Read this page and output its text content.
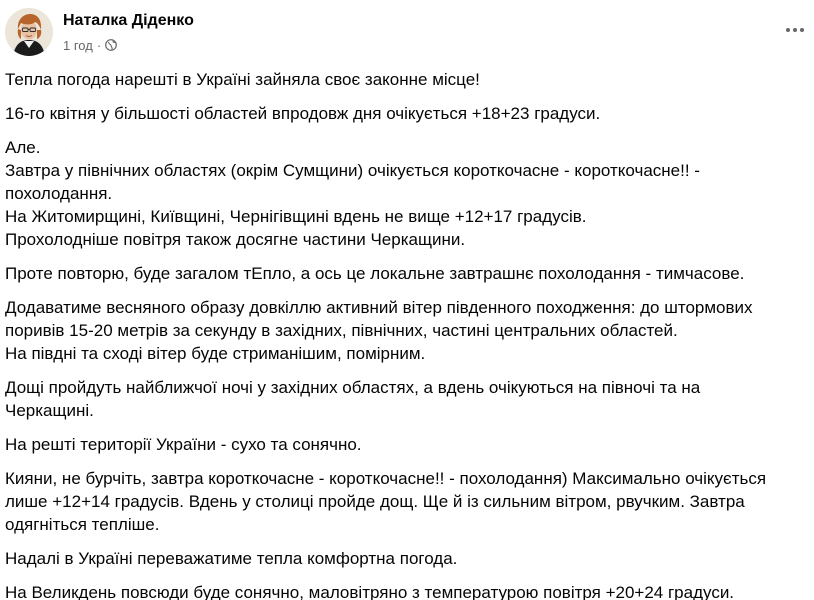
Наталка Діденко
1 год ·

Тепла погода нарешті в Україні зайняла своє законне місце!

16-го квітня у більшості областей впродовж дня очікується +18+23 градуси.

Але.
Завтра у північних областях (окрім Сумщини) очікується короткочасне - короткочасне!! -
похолодання.
На Житомирщині, Київщині, Чернігівщині вдень не вище +12+17 градусів.
Прохолодніше повітря також досягне частини Черкащини.

Проте повторю, буде загалом тЕпло, а ось це локальне завтрашнє похолодання - тимчасове.

Додаватиме весняного образу довкіллю активний вітер південного походження: до штормових
поривів 15-20 метрів за секунду в західних, північних, частині центральних областей.
На півдні та сході вітер буде стриманішим, помірним.

Дощі пройдуть найближчої ночі у західних областях, а вдень очікуються на півночі та на
Черкащині.

На решті території України - сухо та сонячно.

Кияни, не бурчіть, завтра короткочасне - короткочасне!! - похолодання) Максимально очікується
лише +12+14 градусів. Вдень у столиці пройде дощ. Ще й із сильним вітром, рвучким. Завтра
одягніться тепліше.

Надалі в Україні переважатиме тепла комфортна погода.

На Великдень повсюди буде сонячно, маловітряно з температурою повітря +20+24 градуси.
